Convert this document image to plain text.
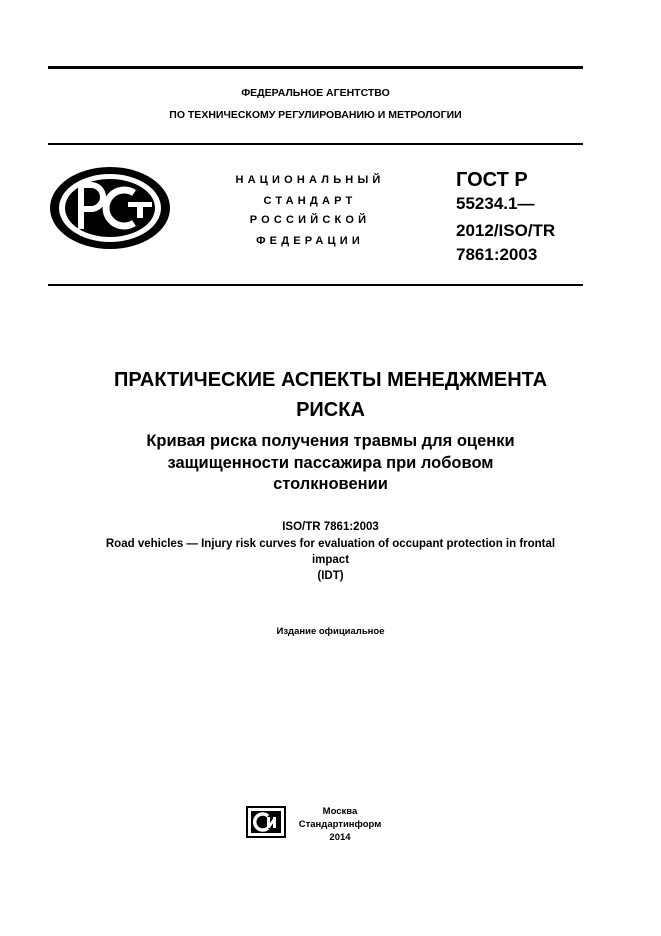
ФЕДЕРАЛЬНОЕ АГЕНТСТВО
ПО ТЕХНИЧЕСКОМУ РЕГУЛИРОВАНИЮ И МЕТРОЛОГИИ
НАЦИОНАЛЬНЫЙ
СТАНДАРТ
РОССИЙСКОЙ
ФЕДЕРАЦИИ
ГОСТ Р
55234.1—
2012/ISO/TR
7861:2003
ПРАКТИЧЕСКИЕ АСПЕКТЫ МЕНЕДЖМЕНТА
РИСКА
Кривая риска получения травмы для оценки
защищенности пассажира при лобовом
столкновении
ISO/TR 7861:2003
Road vehicles — Injury risk curves for evaluation of occupant protection in frontal
impact
(IDT)
Издание официальное
Москва
Стандартинформ
2014
